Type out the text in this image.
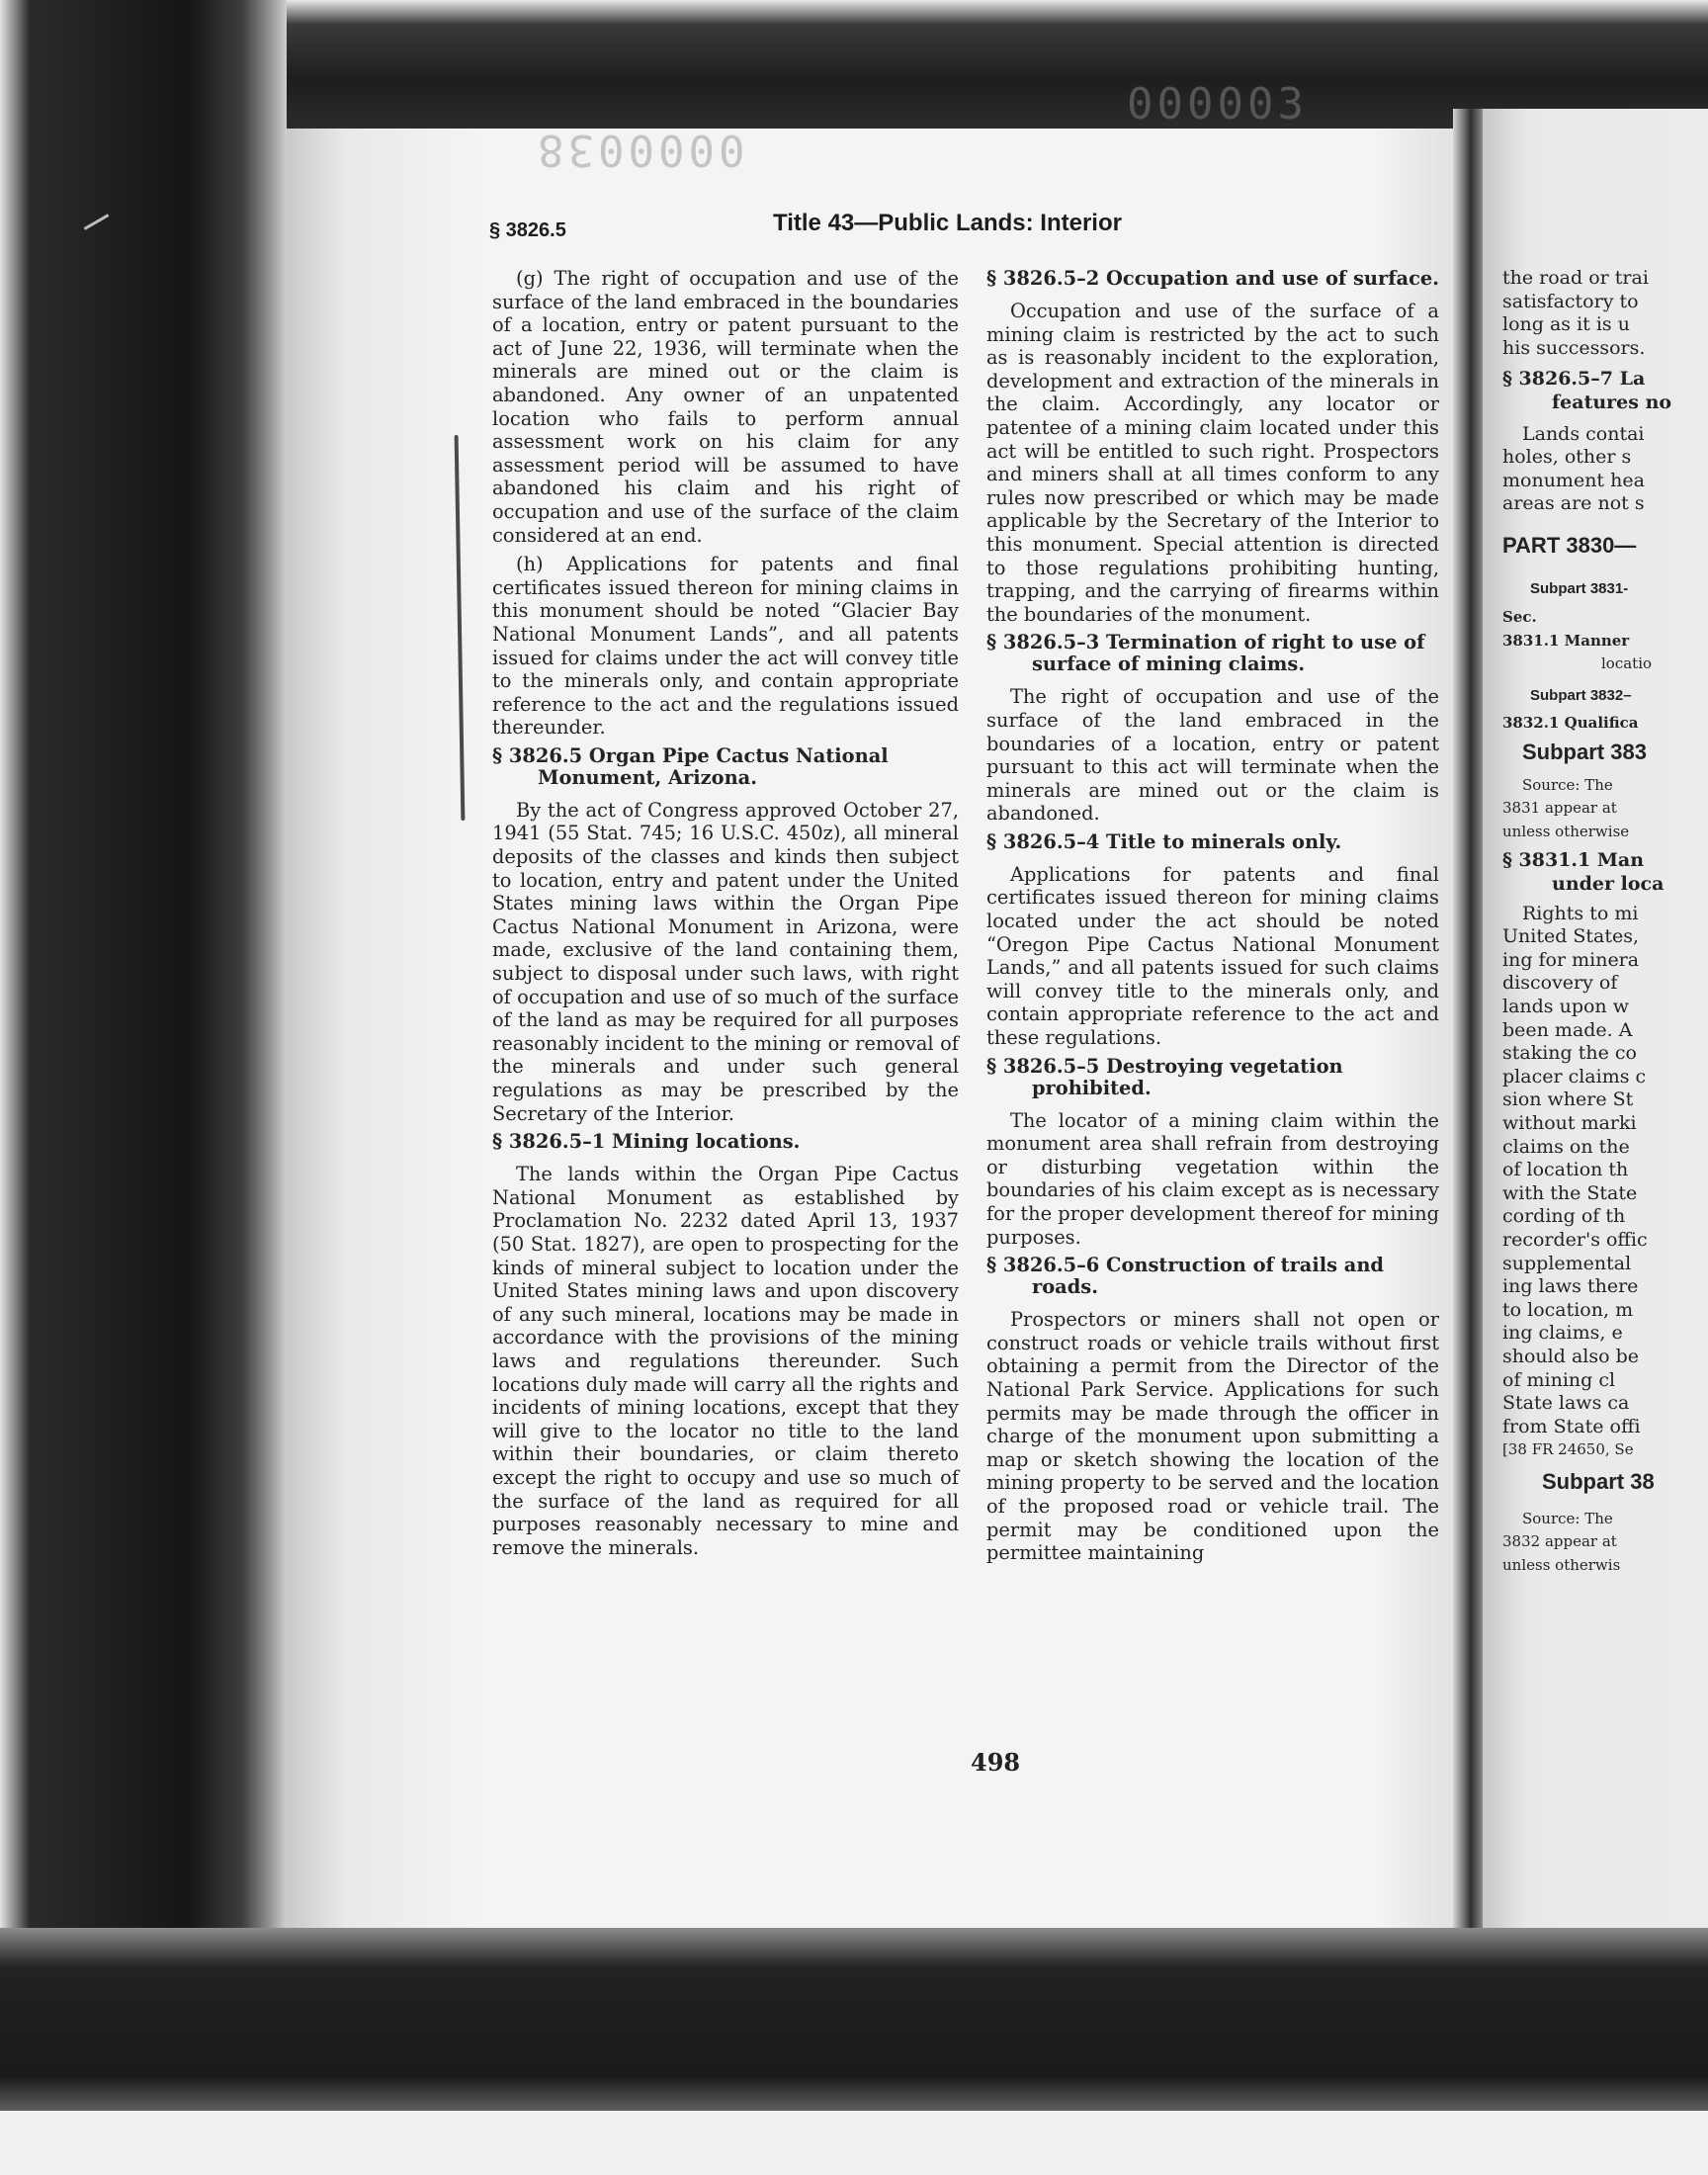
0000038
000003
§ 3826.5	Title 43—Public Lands: Interior

(g) The right of occupation and use of the surface of the land embraced in the boundaries of a location, entry or patent pursuant to the act of June 22, 1936, will terminate when the minerals are mined out or the claim is abandoned. Any owner of an unpatented location who fails to perform annual assessment work on his claim for any assessment period will be assumed to have abandoned his claim and his right of occupation and use of the surface of the claim considered at an end.

(h) Applications for patents and final certificates issued thereon for mining claims in this monument should be noted “Glacier Bay National Monument Lands”, and all patents issued for claims under the act will convey title to the minerals only, and contain appropriate reference to the act and the regulations issued thereunder.

§ 3826.5 Organ Pipe Cactus National Monument, Arizona.

By the act of Congress approved October 27, 1941 (55 Stat. 745; 16 U.S.C. 450z), all mineral deposits of the classes and kinds then subject to location, entry and patent under the United States mining laws within the Organ Pipe Cactus National Monument in Arizona, were made, exclusive of the land containing them, subject to disposal under such laws, with right of occupation and use of so much of the surface of the land as may be required for all purposes reasonably incident to the mining or removal of the minerals and under such general regulations as may be prescribed by the Secretary of the Interior.

§ 3826.5–1 Mining locations.

The lands within the Organ Pipe Cactus National Monument as established by Proclamation No. 2232 dated April 13, 1937 (50 Stat. 1827), are open to prospecting for the kinds of mineral subject to location under the United States mining laws and upon discovery of any such mineral, locations may be made in accordance with the provisions of the mining laws and regulations thereunder. Such locations duly made will carry all the rights and incidents of mining locations, except that they will give to the locator no title to the land within their boundaries, or claim thereto except the right to occupy and use so much of the surface of the land as required for all purposes reasonably necessary to mine and remove the minerals.

§ 3826.5–2 Occupation and use of surface.

Occupation and use of the surface of a mining claim is restricted by the act to such as is reasonably incident to the exploration, development and extraction of the minerals in the claim. Accordingly, any locator or patentee of a mining claim located under this act will be entitled to such right. Prospectors and miners shall at all times conform to any rules now prescribed or which may be made applicable by the Secretary of the Interior to this monument. Special attention is directed to those regulations prohibiting hunting, trapping, and the carrying of firearms within the boundaries of the monument.

§ 3826.5–3 Termination of right to use of surface of mining claims.

The right of occupation and use of the surface of the land embraced in the boundaries of a location, entry or patent pursuant to this act will terminate when the minerals are mined out or the claim is abandoned.

§ 3826.5–4 Title to minerals only.

Applications for patents and final certificates issued thereon for mining claims located under the act should be noted “Oregon Pipe Cactus National Monument Lands,” and all patents issued for such claims will convey title to the minerals only, and contain appropriate reference to the act and these regulations.

§ 3826.5–5 Destroying vegetation prohibited.

The locator of a mining claim within the monument area shall refrain from destroying or disturbing vegetation within the boundaries of his claim except as is necessary for the proper development thereof for mining purposes.

§ 3826.5–6 Construction of trails and roads.

Prospectors or miners shall not open or construct roads or vehicle trails without first obtaining a permit from the Director of the National Park Service. Applications for such permits may be made through the officer in charge of the monument upon submitting a map or sketch showing the location of the mining property to be served and the location of the proposed road or vehicle trail. The permit may be conditioned upon the permittee maintaining

498
the road or trai
satisfactory to
long as it is u
his successors.
§ 3826.5–7 La
features no
Lands contai
holes, other s
monument hea
areas are not s
PART 3830—
Subpart 3831-
Sec.
3831.1 Manner
locatio
Subpart 3832–
3832.1 Qualifica
Subpart 383
Source: The
3831 appear at
unless otherwise
§ 3831.1 Man
under loca
Rights to mi
United States,
ing for minera
discovery of
lands upon w
been made. A
staking the co
placer claims c
sion where St
without marki
claims on the
of location th
with the State
cording of th
recorder's offic
supplemental
ing laws there
to location, m
ing claims, e
should also be
of mining cl
State laws ca
from State offi
[38 FR 24650, Se
Subpart 38
Source: The
3832 appear at
unless otherwis
